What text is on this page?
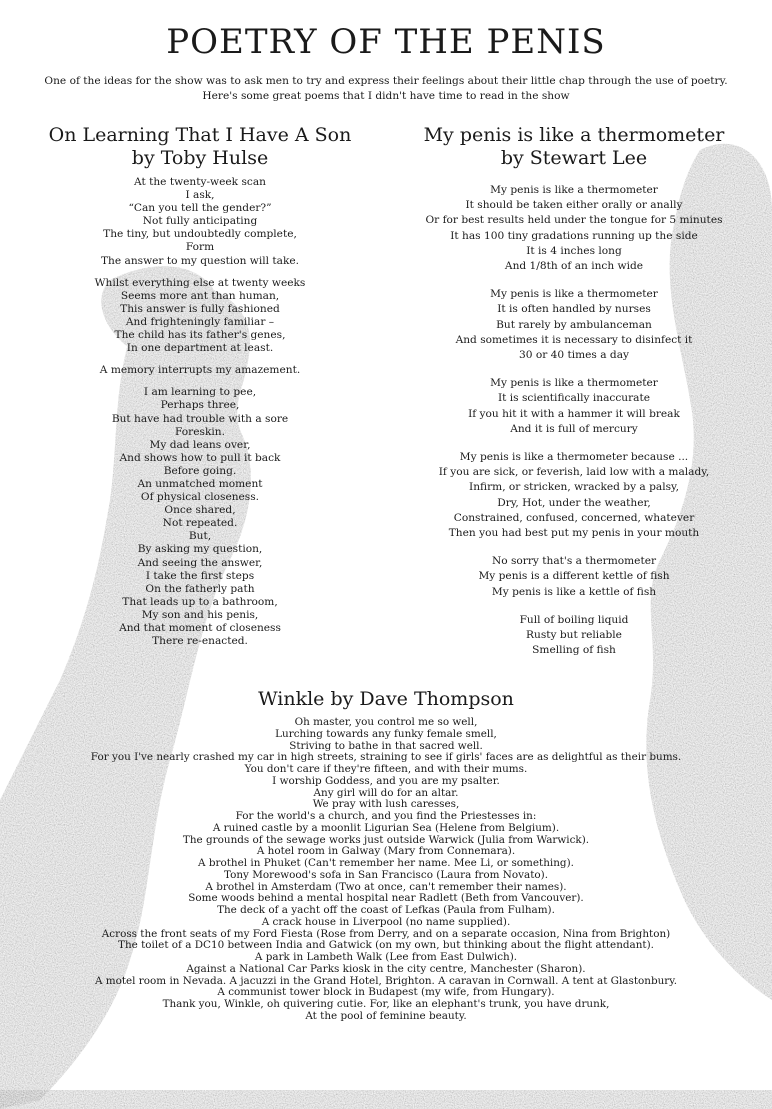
POETRY OF THE PENIS

One of the ideas for the show was to ask men to try and express their feelings about their little chap through the use of poetry.
Here's some great poems that I didn't have time to read in the show

On Learning That I Have A Son
by Toby Hulse

At the twenty-week scan
I ask,
“Can you tell the gender?”
Not fully anticipating
The tiny, but undoubtedly complete,
Form
The answer to my question will take.

Whilst everything else at twenty weeks
Seems more ant than human,
This answer is fully fashioned
And frighteningly familiar –
The child has its father's genes,
In one department at least.

A memory interrupts my amazement.

I am learning to pee,
Perhaps three,
But have had trouble with a sore
Foreskin.
My dad leans over,
And shows how to pull it back
Before going.
An unmatched moment
Of physical closeness.
Once shared,
Not repeated.
But,
By asking my question,
And seeing the answer,
I take the first steps
On the fatherly path
That leads up to a bathroom,
My son and his penis,
And that moment of closeness
There re-enacted.

My penis is like a thermometer
by Stewart Lee

My penis is like a thermometer
It should be taken either orally or anally
Or for best results held under the tongue for 5 minutes
It has 100 tiny gradations running up the side
It is 4 inches long
And 1/8th of an inch wide

My penis is like a thermometer
It is often handled by nurses
But rarely by ambulanceman
And sometimes it is necessary to disinfect it
30 or 40 times a day

My penis is like a thermometer
It is scientifically inaccurate
If you hit it with a hammer it will break
And it is full of mercury

My penis is like a thermometer because ...
If you are sick, or feverish, laid low with a malady,
Infirm, or stricken, wracked by a palsy,
Dry, Hot, under the weather,
Constrained, confused, concerned, whatever
Then you had best put my penis in your mouth

No sorry that's a thermometer
My penis is a different kettle of fish
My penis is like a kettle of fish

Full of boiling liquid
Rusty but reliable
Smelling of fish

Winkle by Dave Thompson

Oh master, you control me so well,
Lurching towards any funky female smell,
Striving to bathe in that sacred well.
For you I've nearly crashed my car in high streets, straining to see if girls' faces are as delightful as their bums.
You don't care if they're fifteen, and with their mums.
I worship Goddess, and you are my psalter.
Any girl will do for an altar.
We pray with lush caresses,
For the world's a church, and you find the Priestesses in:
A ruined castle by a moonlit Ligurian Sea (Helene from Belgium).
The grounds of the sewage works just outside Warwick (Julia from Warwick).
A hotel room in Galway (Mary from Connemara).
A brothel in Phuket (Can't remember her name. Mee Li, or something).
Tony Morewood's sofa in San Francisco (Laura from Novato).
A brothel in Amsterdam (Two at once, can't remember their names).
Some woods behind a mental hospital near Radlett (Beth from Vancouver).
The deck of a yacht off the coast of Lefkas (Paula from Fulham).
A crack house in Liverpool (no name supplied).
Across the front seats of my Ford Fiesta (Rose from Derry, and on a separate occasion, Nina from Brighton)
The toilet of a DC10 between India and Gatwick (on my own, but thinking about the flight attendant).
A park in Lambeth Walk (Lee from East Dulwich).
Against a National Car Parks kiosk in the city centre, Manchester (Sharon).
A motel room in Nevada. A jacuzzi in the Grand Hotel, Brighton. A caravan in Cornwall. A tent at Glastonbury.
A communist tower block in Budapest (my wife, from Hungary).
Thank you, Winkle, oh quivering cutie. For, like an elephant's trunk, you have drunk,
At the pool of feminine beauty.
